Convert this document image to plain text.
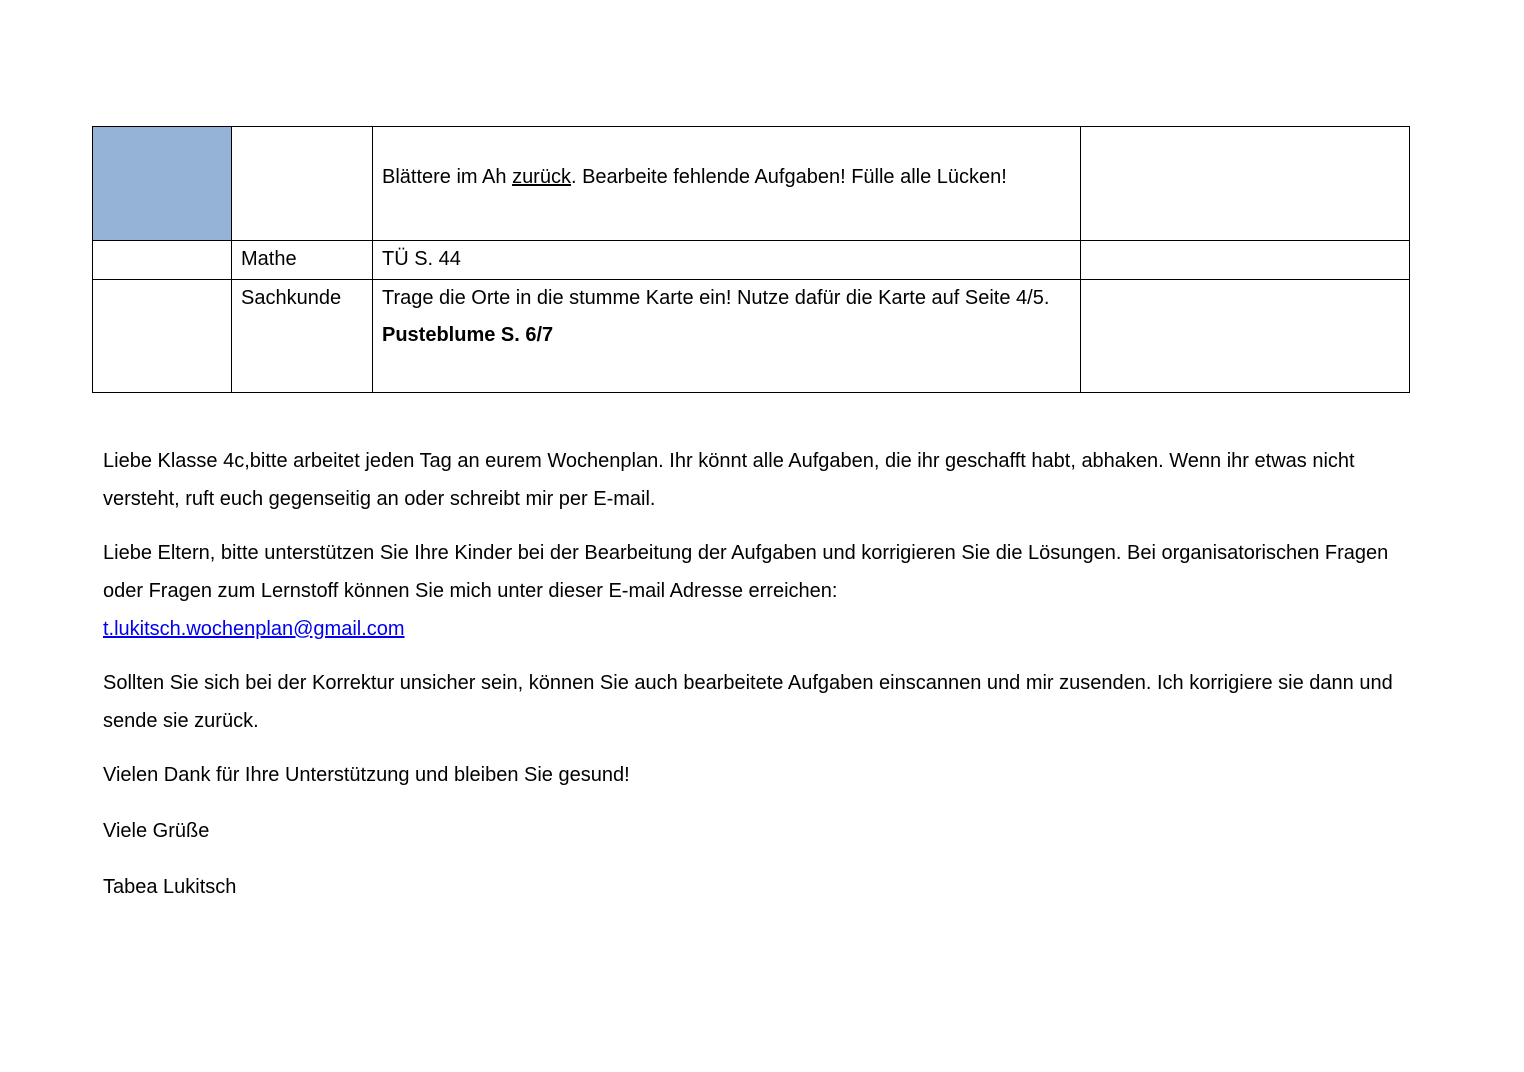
		Blättere im Ah zurück. Bearbeite fehlende Aufgaben! Fülle alle Lücken!	
	Mathe	TÜ S. 44	
	Sachkunde	Trage die Orte in die stumme Karte ein! Nutze dafür die Karte auf Seite 4/5.
Pusteblume S. 6/7	

Liebe Klasse 4c,bitte arbeitet jeden Tag an eurem Wochenplan. Ihr könnt alle Aufgaben, die ihr geschafft habt, abhaken. Wenn ihr etwas nicht versteht, ruft euch gegenseitig an oder schreibt mir per E-mail.

Liebe Eltern, bitte unterstützen Sie Ihre Kinder bei der Bearbeitung der Aufgaben und korrigieren Sie die Lösungen. Bei organisatorischen Fragen oder Fragen zum Lernstoff können Sie mich unter dieser E-mail Adresse erreichen:
t.lukitsch.wochenplan@gmail.com

Sollten Sie sich bei der Korrektur unsicher sein, können Sie auch bearbeitete Aufgaben einscannen und mir zusenden. Ich korrigiere sie dann und sende sie zurück.

Vielen Dank für Ihre Unterstützung und bleiben Sie gesund!

Viele Grüße

Tabea Lukitsch
